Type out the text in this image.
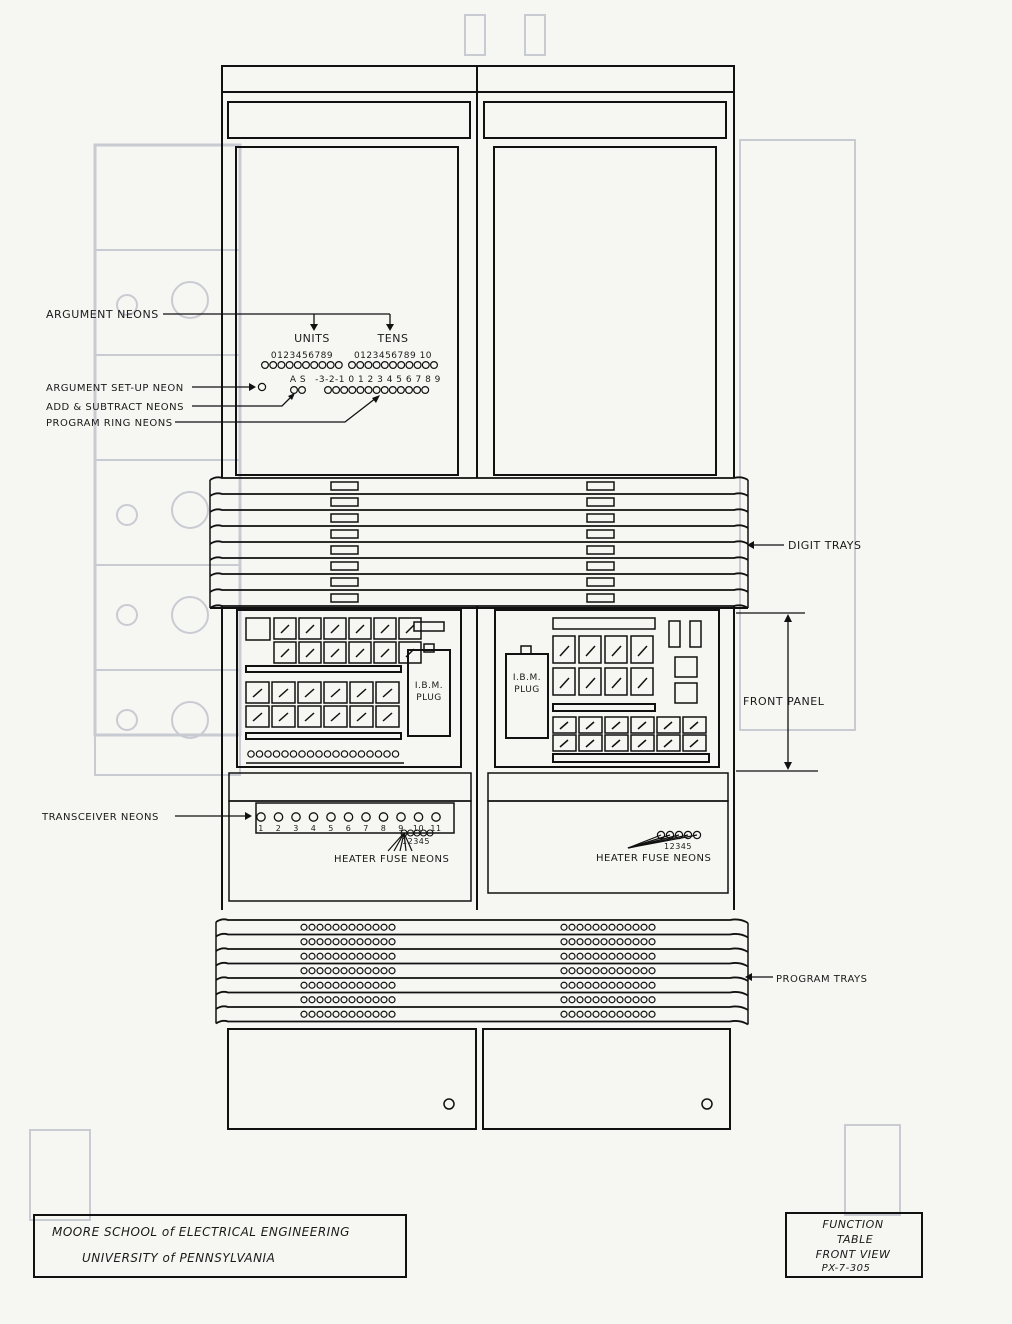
I.B.M.
PLUG
I.B.M.
PLUG
UNITS	TENS
0123456789 0123456789 10
A S -3-2-1 0 1 2 3 4 5 6 7 8 9
ARGUMENT NEONS
ARGUMENT SET-UP NEON
ADD & SUBTRACT NEONS
PROGRAM RING NEONS
DIGIT TRAYS
FRONT PANEL
TRANSCEIVER NEONS
HEATER FUSE NEONS	HEATER FUSE NEONS
12345
PROGRAM TRAYS
1 2 3 4 5 6 7 8 9 10 11
12345
MOORE SCHOOL of ELECTRICAL ENGINEERING
UNIVERSITY of PENNSYLVANIA
FUNCTION
TABLE
FRONT VIEW
PX-7-305
